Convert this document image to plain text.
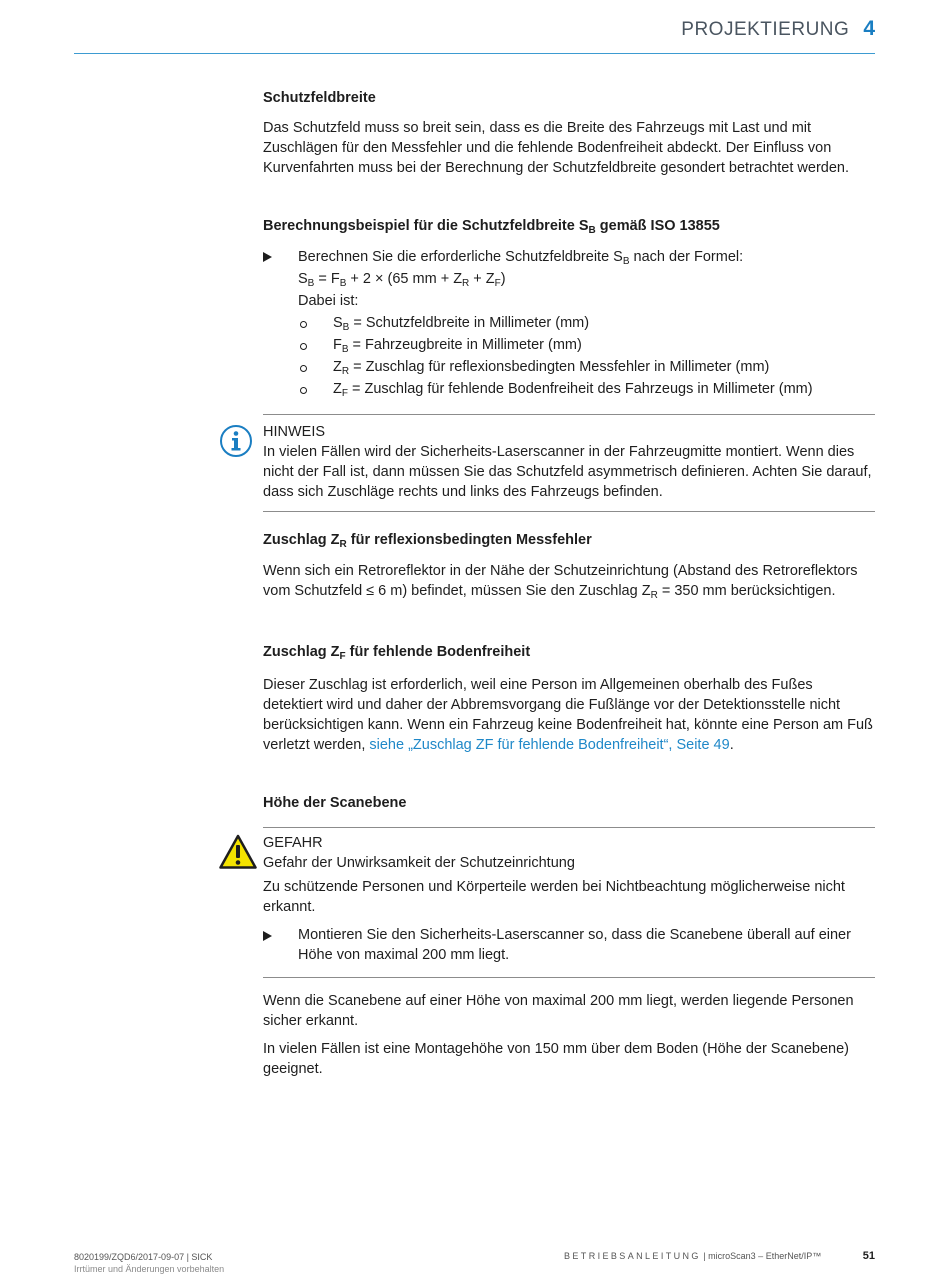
PROJEKTIERUNG 4

Schutzfeldbreite

Das Schutzfeld muss so breit sein, dass es die Breite des Fahrzeugs mit Last und mit Zuschlägen für den Messfehler und die fehlende Bodenfreiheit abdeckt. Der Einfluss von Kurvenfahrten muss bei der Berechnung der Schutzfeldbreite gesondert betrachtet werden.

Berechnungsbeispiel für die Schutzfeldbreite $S_B$ gemäß ISO 13855

Berechnen Sie die erforderliche Schutzfeldbreite $S_B$ nach der Formel:
$S_B = F_B + 2 \times (65$ mm + $Z_R + Z_F$)
Dabei ist:
$S_B$ = Schutzfeldbreite in Millimeter (mm)
$F_B$ = Fahrzeugbreite in Millimeter (mm)
$Z_R$ = Zuschlag für reflexionsbedingten Messfehler in Millimeter (mm)
$Z_F$ = Zuschlag für fehlende Bodenfreiheit des Fahrzeugs in Millimeter (mm)

HINWEIS

In vielen Fällen wird der Sicherheits-Laserscanner in der Fahrzeugmitte montiert. Wenn dies nicht der Fall ist, dann müssen Sie das Schutzfeld asymmetrisch definieren. Achten Sie darauf, dass sich Zuschläge rechts und links des Fahrzeugs befinden.

Zuschlag $Z_R$ für reflexionsbedingten Messfehler

Wenn sich ein Retroreflektor in der Nähe der Schutzeinrichtung (Abstand des Retroreflektors vom Schutzfeld ≤ 6 m) befindet, müssen Sie den Zuschlag $Z_R = 350$ mm berücksichtigen.

Zuschlag $Z_F$ für fehlende Bodenfreiheit

Dieser Zuschlag ist erforderlich, weil eine Person im Allgemeinen oberhalb des Fußes detektiert wird und daher der Abbremsvorgang die Fußlänge vor der Detektionsstelle nicht berücksichtigen kann. Wenn ein Fahrzeug keine Bodenfreiheit hat, könnte eine Person am Fuß verletzt werden, siehe „Zuschlag ZF für fehlende Bodenfreiheit“, Seite 49.

Höhe der Scanebene

GEFAHR

Gefahr der Unwirksamkeit der Schutzeinrichtung

Zu schützende Personen und Körperteile werden bei Nichtbeachtung möglicherweise nicht erkannt.

Montieren Sie den Sicherheits-Laserscanner so, dass die Scanebene überall auf einer Höhe von maximal 200 mm liegt.

Wenn die Scanebene auf einer Höhe von maximal 200 mm liegt, werden liegende Personen sicher erkannt.

In vielen Fällen ist eine Montagehöhe von 150 mm über dem Boden (Höhe der Scanebene) geeignet.

8020199/ZQD6/2017-09-07 | SICK
Irrtümer und Änderungen vorbehalten
BETRIEBSANLEITUNG | microScan3 – EtherNet/IP™	51
